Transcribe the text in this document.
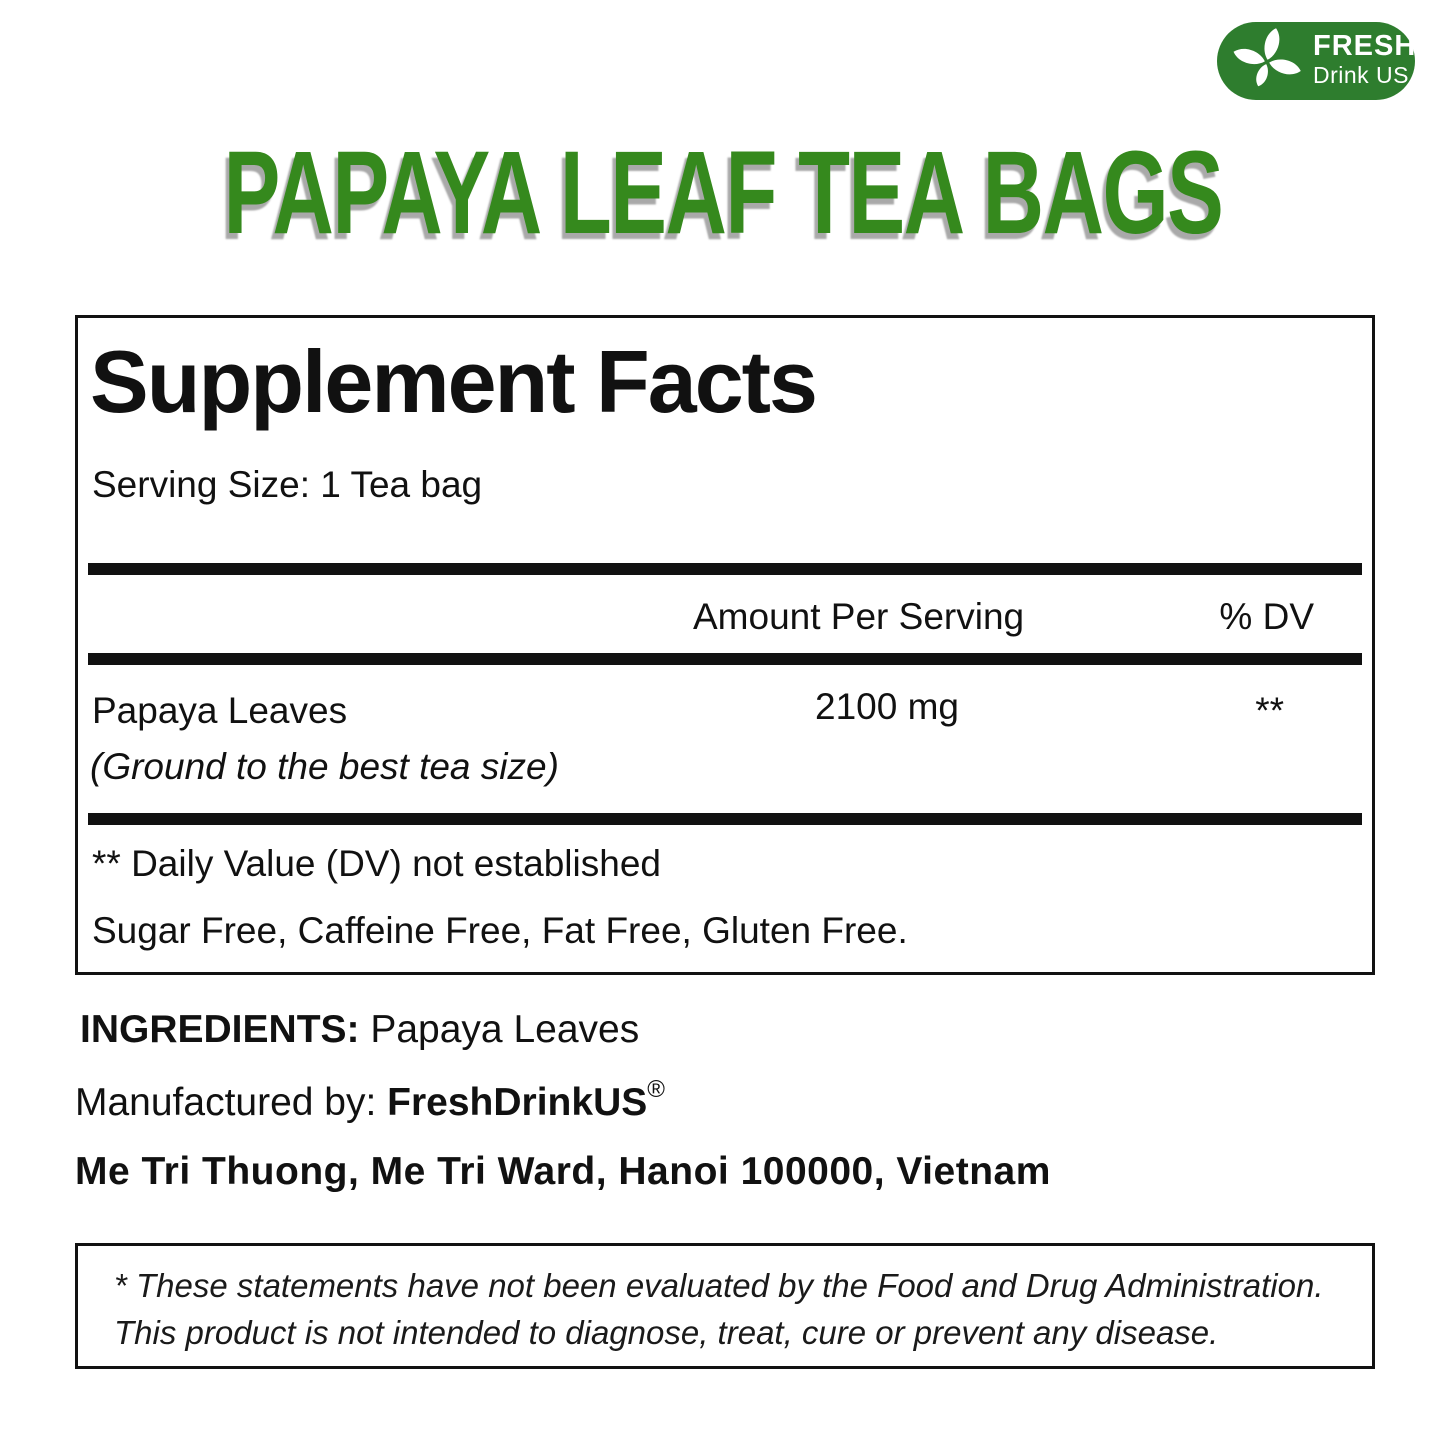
FRESH
Drink US
PAPAYA LEAF TEA BAGS
Supplement Facts
Serving Size: 1 Tea bag
Amount Per Serving	% DV
Papaya Leaves	2100 mg	**
(Ground to the best tea size)
** Daily Value (DV) not established
Sugar Free, Caffeine Free, Fat Free, Gluten Free.
INGREDIENTS: Papaya Leaves
Manufactured by: FreshDrinkUS®
Me Tri Thuong, Me Tri Ward, Hanoi 100000, Vietnam
* These statements have not been evaluated by the Food and Drug Administration.
This product is not intended to diagnose, treat, cure or prevent any disease.
